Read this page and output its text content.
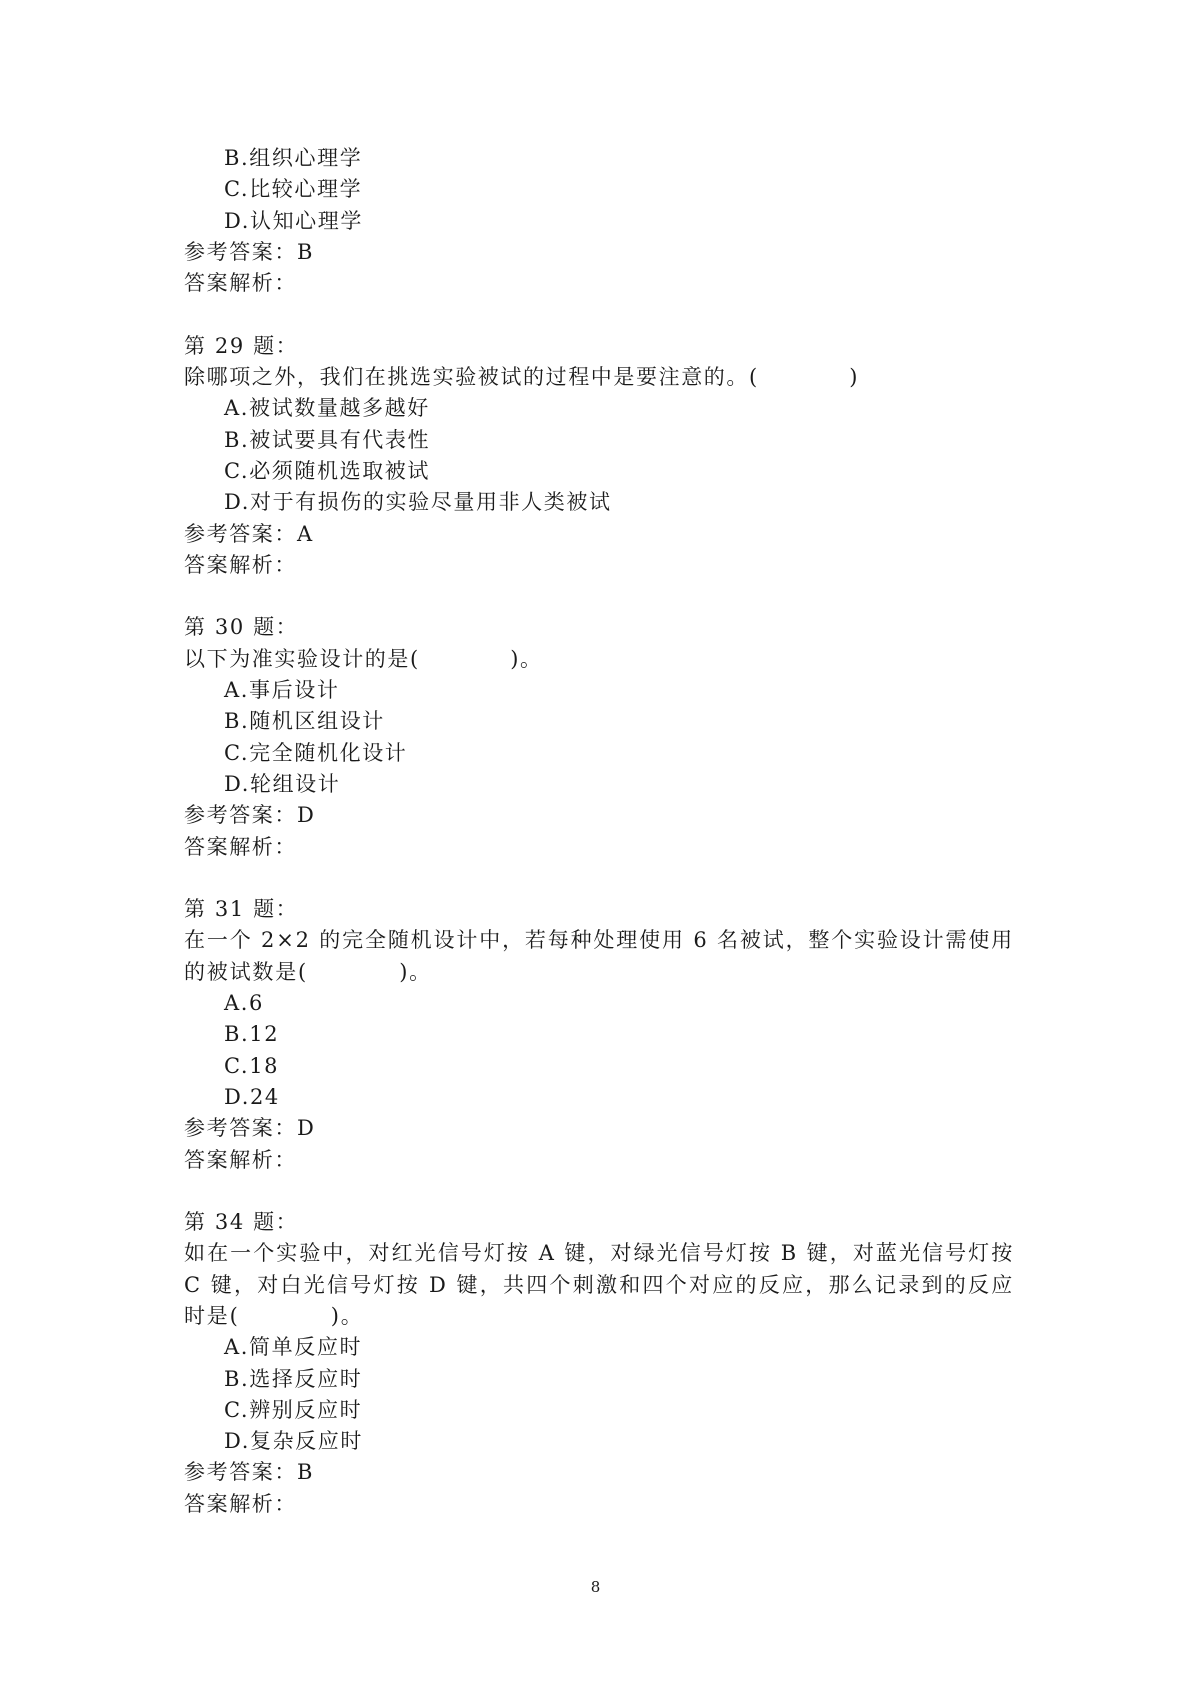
B.组织心理学
C.比较心理学
D.认知心理学
参考答案：B
答案解析：
第 29 题：
除哪项之外，我们在挑选实验被试的过程中是要注意的。(　　　　)
A.被试数量越多越好
B.被试要具有代表性
C.必须随机选取被试
D.对于有损伤的实验尽量用非人类被试
参考答案：A
答案解析：
第 30 题：
以下为准实验设计的是(　　　　)。
A.事后设计
B.随机区组设计
C.完全随机化设计
D.轮组设计
参考答案：D
答案解析：
第 31 题：
在一个 2×2 的完全随机设计中，若每种处理使用 6 名被试，整个实验设计需使用的被试数是(　　　　)。
A.6
B.12
C.18
D.24
参考答案：D
答案解析：
第 34 题：
如在一个实验中，对红光信号灯按 A 键，对绿光信号灯按 B 键，对蓝光信号灯按 C 键，对白光信号灯按 D 键，共四个刺激和四个对应的反应，那么记录到的反应时是(　　　　)。
A.简单反应时
B.选择反应时
C.辨别反应时
D.复杂反应时
参考答案：B
答案解析：
8
